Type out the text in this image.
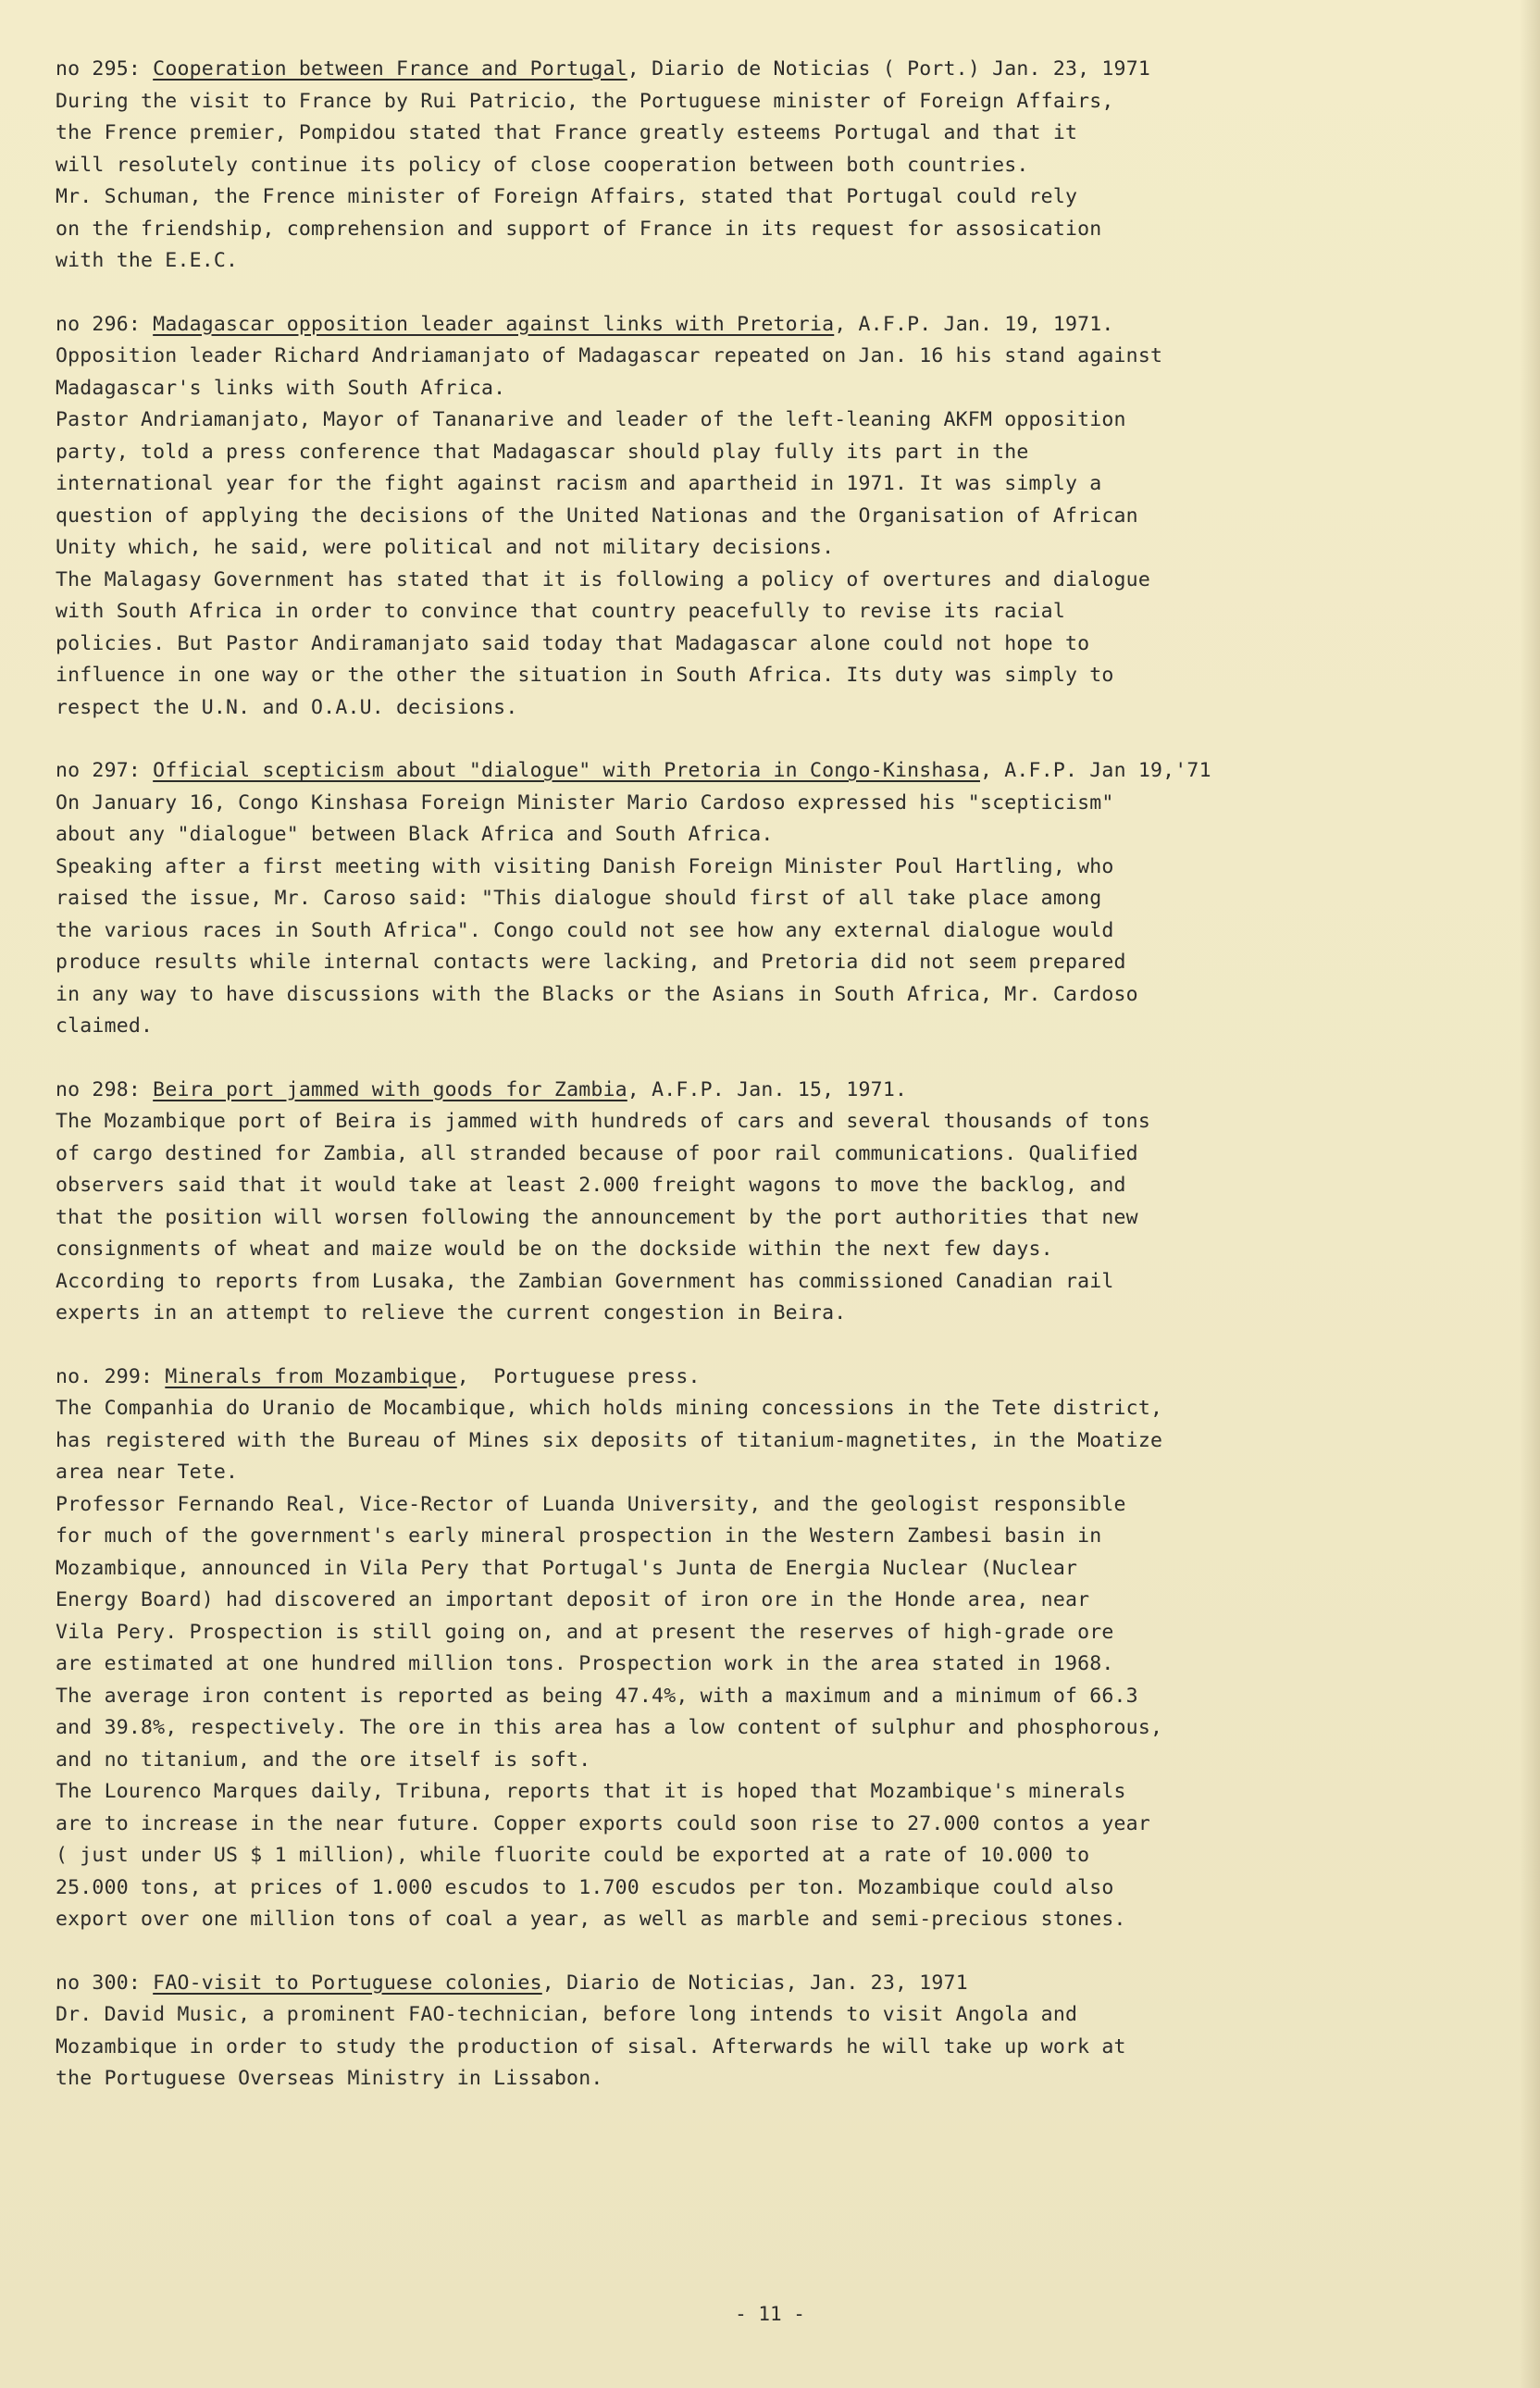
no 295: Cooperation between France and Portugal, Diario de Noticias ( Port.) Jan. 23, 1971

During the visit to France by Rui Patricio, the Portuguese minister of Foreign Affairs,

the Frence premier, Pompidou stated that France greatly esteems Portugal and that it

will resolutely continue its policy of close cooperation between both countries.

Mr. Schuman, the Frence minister of Foreign Affairs, stated that Portugal could rely

on the friendship, comprehension and support of France in its request for assosication

with the E.E.C.

no 296: Madagascar opposition leader against links with Pretoria, A.F.P. Jan. 19, 1971.

Opposition leader Richard Andriamanjato of Madagascar repeated on Jan. 16 his stand against

Madagascar's links with South Africa.

Pastor Andriamanjato, Mayor of Tananarive and leader of the left-leaning AKFM opposition

party, told a press conference that Madagascar should play fully its part in the

international year for the fight against racism and apartheid in 1971. It was simply a

question of applying the decisions of the United Nationas and the Organisation of African

Unity which, he said, were political and not military decisions.

The Malagasy Government has stated that it is following a policy of overtures and dialogue

with South Africa in order to convince that country peacefully to revise its racial

policies. But Pastor Andiramanjato said today that Madagascar alone could not hope to

influence in one way or the other the situation in South Africa. Its duty was simply to

respect the U.N. and O.A.U. decisions.

no 297: Official scepticism about "dialogue" with Pretoria in Congo-Kinshasa, A.F.P. Jan 19,'71

On January 16, Congo Kinshasa Foreign Minister Mario Cardoso expressed his "scepticism"

about any "dialogue" between Black Africa and South Africa.

Speaking after a first meeting with visiting Danish Foreign Minister Poul Hartling, who

raised the issue, Mr. Caroso said: "This dialogue should first of all take place among

the various races in South Africa". Congo could not see how any external dialogue would

produce results while internal contacts were lacking, and Pretoria did not seem prepared

in any way to have discussions with the Blacks or the Asians in South Africa, Mr. Cardoso

claimed.

no 298: Beira port jammed with goods for Zambia, A.F.P. Jan. 15, 1971.

The Mozambique port of Beira is jammed with hundreds of cars and several thousands of tons

of cargo destined for Zambia, all stranded because of poor rail communications. Qualified

observers said that it would take at least 2.000 freight wagons to move the backlog, and

that the position will worsen following the announcement by the port authorities that new

consignments of wheat and maize would be on the dockside within the next few days.

According to reports from Lusaka, the Zambian Government has commissioned Canadian rail

experts in an attempt to relieve the current congestion in Beira.

no. 299: Minerals from Mozambique,  Portuguese press.

The Companhia do Uranio de Mocambique, which holds mining concessions in the Tete district,

has registered with the Bureau of Mines six deposits of titanium-magnetites, in the Moatize

area near Tete.

Professor Fernando Real, Vice-Rector of Luanda University, and the geologist responsible

for much of the government's early mineral prospection in the Western Zambesi basin in

Mozambique, announced in Vila Pery that Portugal's Junta de Energia Nuclear (Nuclear

Energy Board) had discovered an important deposit of iron ore in the Honde area, near

Vila Pery. Prospection is still going on, and at present the reserves of high-grade ore

are estimated at one hundred million tons. Prospection work in the area stated in 1968.

The average iron content is reported as being 47.4%, with a maximum and a minimum of 66.3

and 39.8%, respectively. The ore in this area has a low content of sulphur and phosphorous,

and no titanium, and the ore itself is soft.

The Lourenco Marques daily, Tribuna, reports that it is hoped that Mozambique's minerals

are to increase in the near future. Copper exports could soon rise to 27.000 contos a year

( just under US $ 1 million), while fluorite could be exported at a rate of 10.000 to

25.000 tons, at prices of 1.000 escudos to 1.700 escudos per ton. Mozambique could also

export over one million tons of coal a year, as well as marble and semi-precious stones.

no 300: FAO-visit to Portuguese colonies, Diario de Noticias, Jan. 23, 1971

Dr. David Music, a prominent FAO-technician, before long intends to visit Angola and

Mozambique in order to study the production of sisal. Afterwards he will take up work at

the Portuguese Overseas Ministry in Lissabon.

- 11 -
